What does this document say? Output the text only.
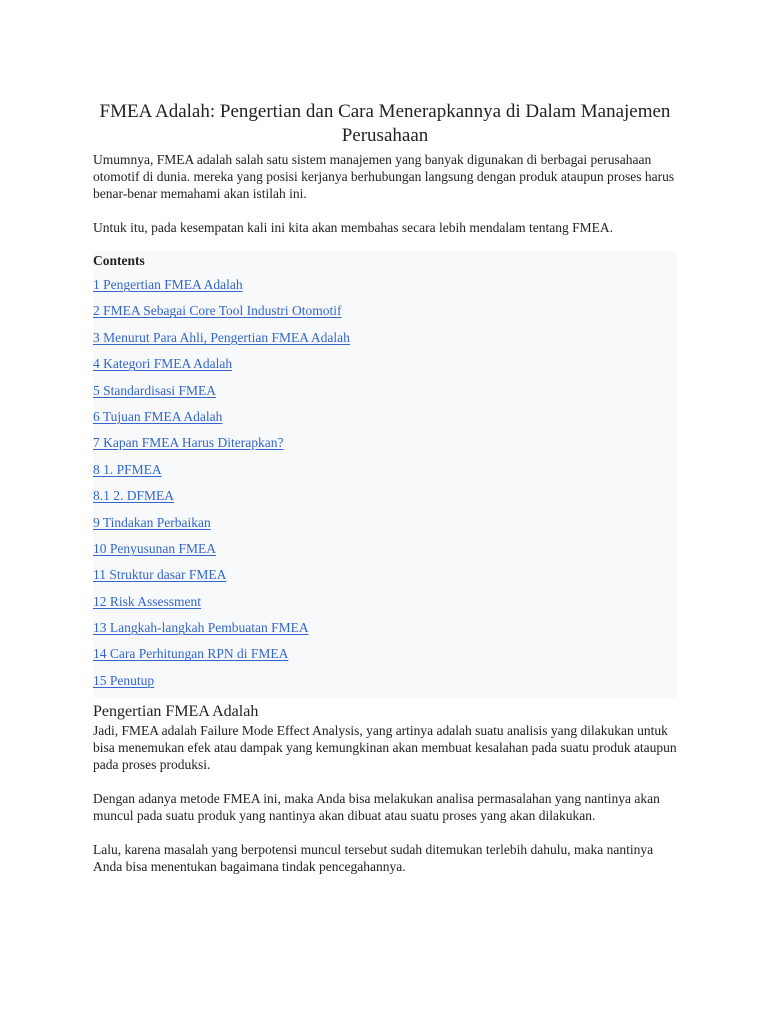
FMEA Adalah: Pengertian dan Cara Menerapkannya di Dalam Manajemen Perusahaan

Umumnya, FMEA adalah salah satu sistem manajemen yang banyak digunakan di berbagai perusahaan otomotif di dunia. mereka yang posisi kerjanya berhubungan langsung dengan produk ataupun proses harus benar-benar memahami akan istilah ini.

Untuk itu, pada kesempatan kali ini kita akan membahas secara lebih mendalam tentang FMEA.

Contents
1 Pengertian FMEA Adalah
2 FMEA Sebagai Core Tool Industri Otomotif
3 Menurut Para Ahli, Pengertian FMEA Adalah
4 Kategori FMEA Adalah
5 Standardisasi FMEA
6 Tujuan FMEA Adalah
7 Kapan FMEA Harus Diterapkan?
8 1. PFMEA
8.1 2. DFMEA
9 Tindakan Perbaikan
10 Penyusunan FMEA
11 Struktur dasar FMEA
12 Risk Assessment
13 Langkah-langkah Pembuatan FMEA
14 Cara Perhitungan RPN di FMEA
15 Penutup
Pengertian FMEA Adalah

Jadi, FMEA adalah Failure Mode Effect Analysis, yang artinya adalah suatu analisis yang dilakukan untuk bisa menemukan efek atau dampak yang kemungkinan akan membuat kesalahan pada suatu produk ataupun pada proses produksi.

Dengan adanya metode FMEA ini, maka Anda bisa melakukan analisa permasalahan yang nantinya akan muncul pada suatu produk yang nantinya akan dibuat atau suatu proses yang akan dilakukan.

Lalu, karena masalah yang berpotensi muncul tersebut sudah ditemukan terlebih dahulu, maka nantinya Anda bisa menentukan bagaimana tindak pencegahannya.
